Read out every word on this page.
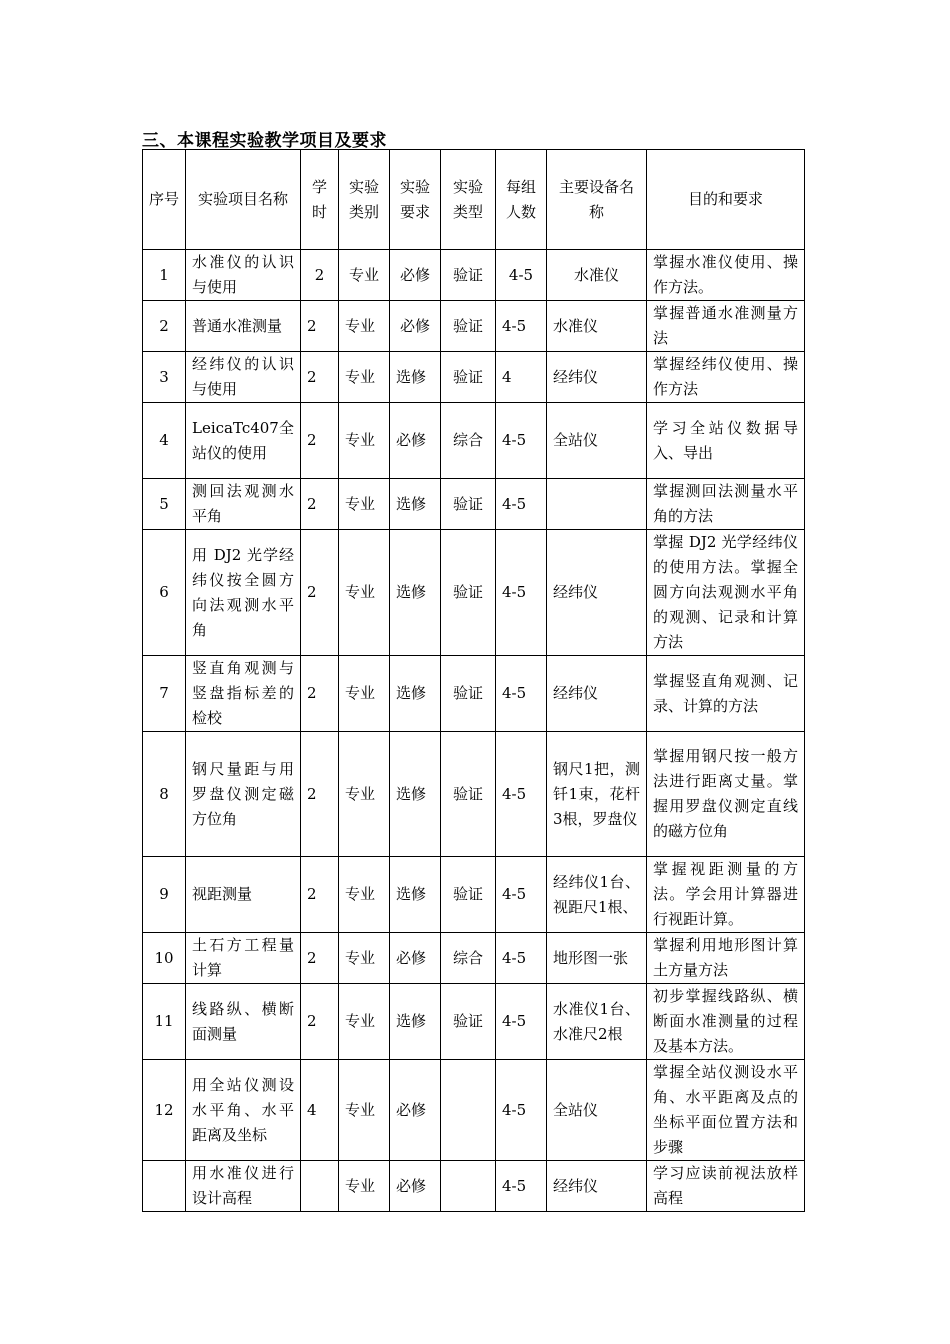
三、本课程实验教学项目及要求
序号	实验项目名称	学时	实验类别	实验要求	实验类型	每组人数	主要设备名称	目的和要求
1	水准仪的认识与使用	2	专业	必修	验证	4-5	水准仪	掌握水准仪使用、操作方法。
2	普通水准测量	2	专业	必修	验证	4-5	水准仪	掌握普通水准测量方法
3	经纬仪的认识与使用	2	专业	选修	验证	4	经纬仪	掌握经纬仪使用、操作方法
4	LeicaTc407全站仪的使用	2	专业	必修	综合	4-5	全站仪	学习全站仪数据导入、导出
5	测回法观测水平角	2	专业	选修	验证	4-5		掌握测回法测量水平角的方法
6	用 DJ2 光学经纬仪按全圆方向法观测水平角	2	专业	选修	验证	4-5	经纬仪	掌握 DJ2 光学经纬仪的使用方法。掌握全圆方向法观测水平角的观测、记录和计算方法
7	竖直角观测与竖盘指标差的检校	2	专业	选修	验证	4-5	经纬仪	掌握竖直角观测、记录、计算的方法
8	钢尺量距与用罗盘仪测定磁方位角	2	专业	选修	验证	4-5	钢尺1把，测钎1束，花杆3根，罗盘仪	掌握用钢尺按一般方法进行距离丈量。掌握用罗盘仪测定直线的磁方位角
9	视距测量	2	专业	选修	验证	4-5	经纬仪1台、视距尺1根、	掌握视距测量的方法。学会用计算器进行视距计算。
10	土石方工程量计算	2	专业	必修	综合	4-5	地形图一张	掌握利用地形图计算土方量方法
11	线路纵、横断面测量	2	专业	选修	验证	4-5	水准仪1台、水准尺2根	初步掌握线路纵、横断面水准测量的过程及基本方法。
12	用全站仪测设水平角、水平距离及坐标	4	专业	必修		4-5	全站仪	掌握全站仪测设水平角、水平距离及点的坐标平面位置方法和步骤
	用水准仪进行设计高程		专业	必修		4-5	经纬仪	学习应读前视法放样高程
